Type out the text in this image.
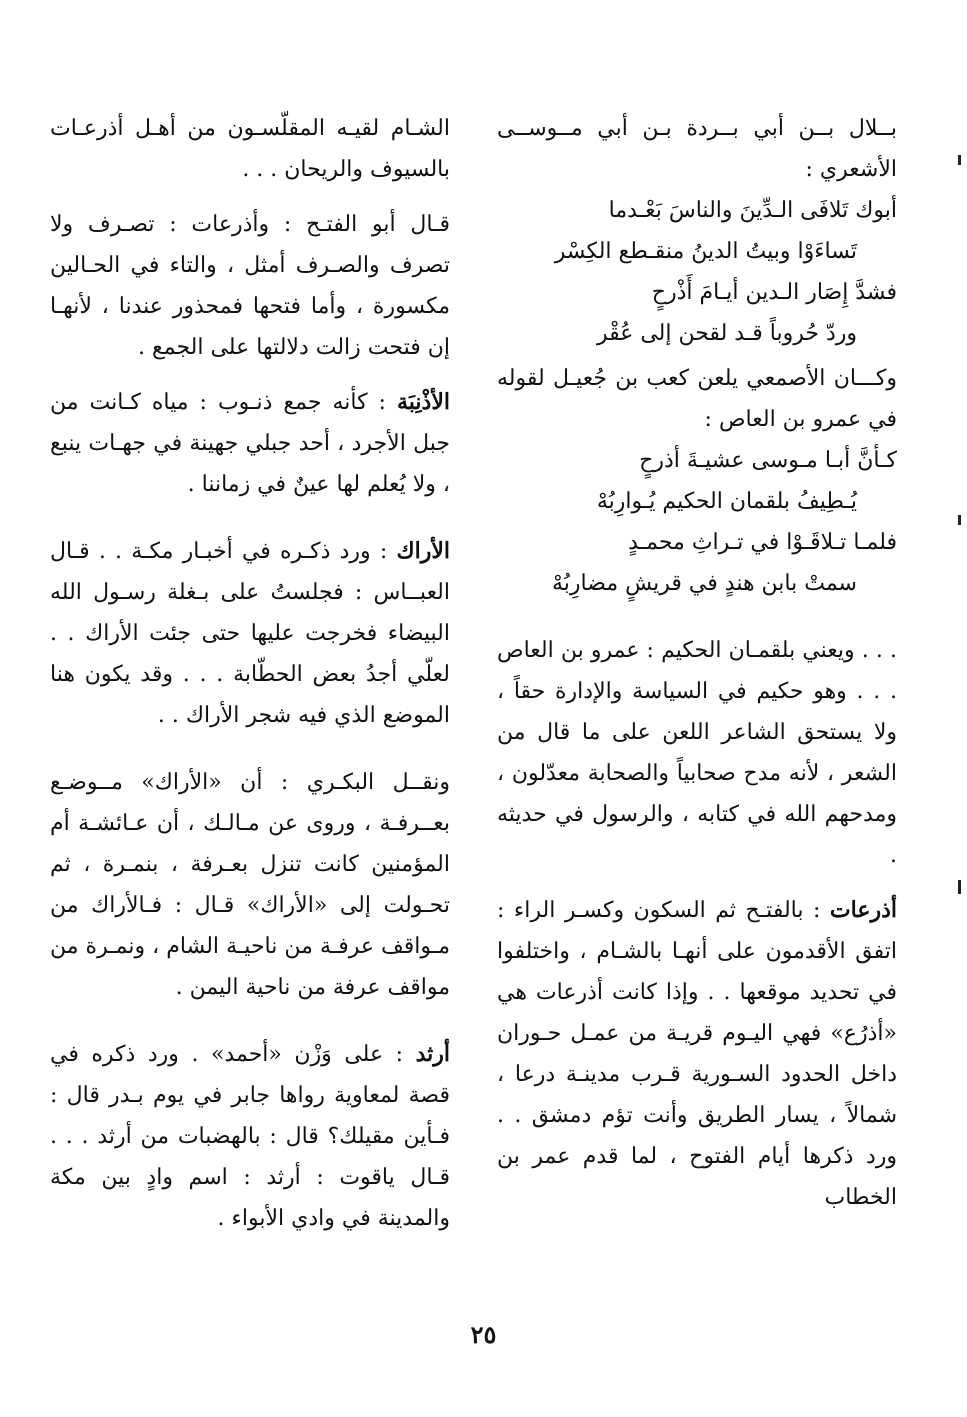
بــلال بــن أبي بــردة بـن أبي مــوســى الأشعري :

أبوك تَلافَى الـدِّينَ والناسَ بَعْـدما

تَساءَوْا وبيتُ الدينُ منقـطع الكِسْر

فشدَّ إِصَار الـدين أيـامَ أَذْرحٍ

وردّ حُروباً قـد لقحن إلى عُقْر

وكـــان الأصمعي يلعن كعب بن جُعيـل لقوله في عمرو بن العاص :

كـأنَّ أبـا مـوسى عشيـةَ أذرحٍ

يُـطِيفُ بلقمان الحكيم يُـوارِبُهْ

فلمـا تـلاقَـوْا في تـراثِ محمـدٍ

سمتْ بابن هندٍ في قريشٍ مضارِبُهْ

. . . ويعني بلقمـان الحكيم : عمرو بن العاص . . . وهو حكيم في السياسة والإدارة حقاً ، ولا يستحق الشاعر اللعن على ما قال من الشعر ، لأنه مدح صحابياً والصحابة معدّلون ، ومدحهم الله في كتابه ، والرسول في حديثه .

أذرعات : بالفتـح ثم السكون وكسـر الراء : اتفق الأقدمون على أنهـا بالشـام ، واختلفوا في تحديد موقعها . . وإذا كانت أذرعات هي «أذرُع» فهي اليـوم قريـة من عمـل حـوران داخل الحدود السـورية قـرب مدينـة درعا ، شمالاً ، يسار الطريق وأنت تؤم دمشق . . ورد ذكرها أيام الفتوح ، لما قدم عمر بن الخطاب

الشـام لقيـه المقلّسـون من أهـل أذرعـات بالسيوف والريحان . . .

قـال أبو الفتـح : وأذرعات : تصـرف ولا تصرف والصـرف أمثل ، والتاء في الحـالين مكسورة ، وأما فتحها فمحذور عندنا ، لأنهـا إن فتحت زالت دلالتها على الجمع .

الأذْنِبَة : كأنه جمع ذنـوب : مياه كـانت من جبل الأجرد ، أحد جبلي جهينة في جهـات ينبع ، ولا يُعلم لها عينٌ في زماننا .

الأراك : ورد ذكـره في أخبـار مكـة . . قـال العبــاس : فجلستُ على بـغلة رسـول الله البيضاء فخرجت عليها حتى جئت الأراك . . لعلّي أجدُ بعض الحطّابة . . . وقد يكون هنا الموضع الذي فيه شجر الأراك . .

ونقــل البكـري : أن «الأراك» مــوضـع بعــرفـة ، وروى عن مـالـك ، أن عـائشـة أم المؤمنين كانت تنزل بعـرفة ، بنمـرة ، ثم تحـولت إلى «الأراك» قـال : فـالأراك من مـواقف عرفـة من ناحيـة الشام ، ونمـرة من مواقف عرفة من ناحية اليمن .

أرثد : على وَزْن «أحمد» . ورد ذكره في قصة لمعاوية رواها جابر في يوم بـدر قال : فـأين مقيلك؟ قال : بالهضبات من أرثد . . . قـال ياقوت : أرثد : اسم وادٍ بين مكة والمدينة في وادي الأبواء .

٢٥
